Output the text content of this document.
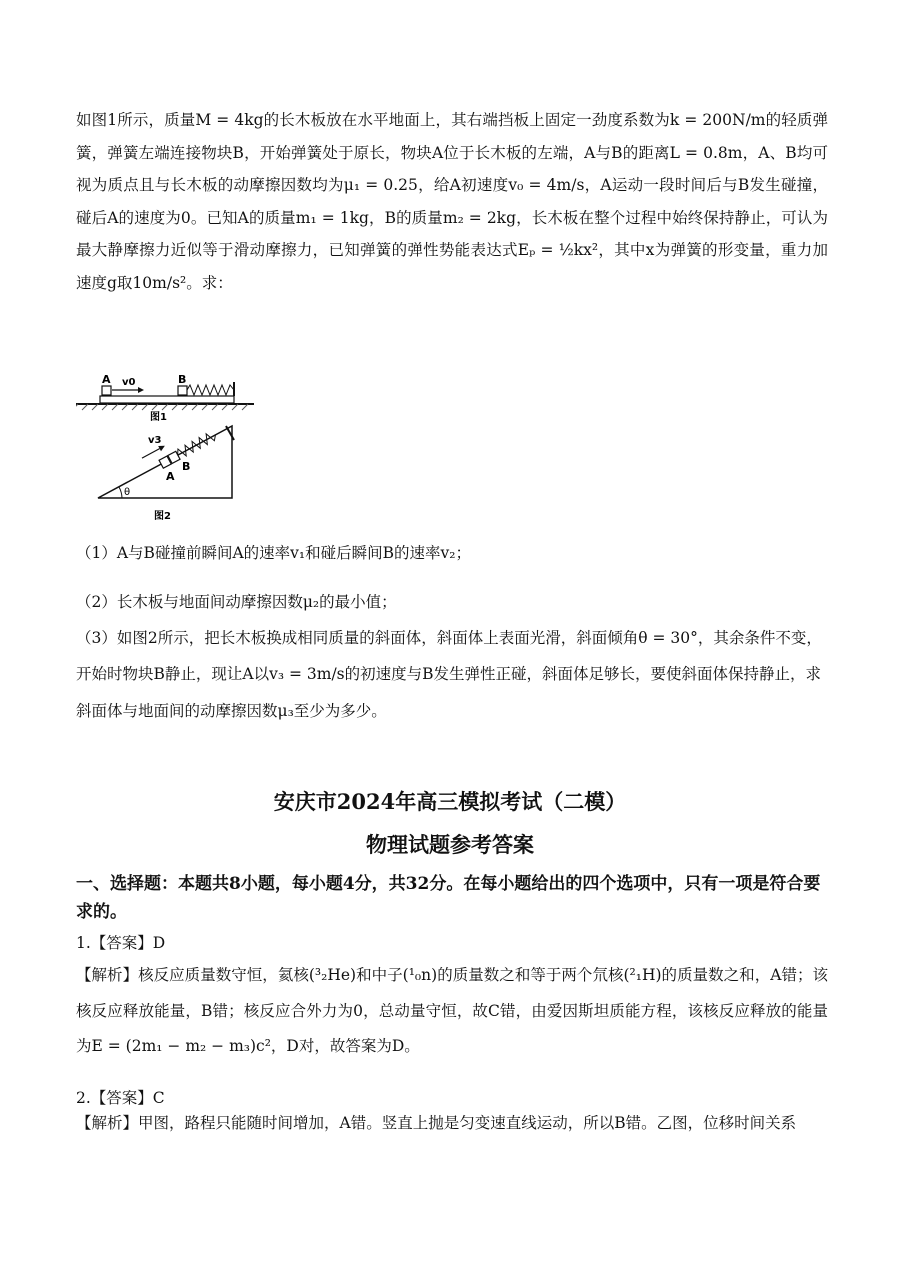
如图1所示，质量M = 4kg的长木板放在水平地面上，其右端挡板上固定一劲度系数为k = 200N/m的轻质弹簧，弹簧左端连接物块B，开始弹簧处于原长，物块A位于长木板的左端，A与B的距离L = 0.8m，A、B均可视为质点且与长木板的动摩擦因数均为μ₁ = 0.25，给A初速度v₀ = 4m/s，A运动一段时间后与B发生碰撞，碰后A的速度为0。已知A的质量m₁ = 1kg，B的质量m₂ = 2kg，长木板在整个过程中始终保持静止，可认为最大静摩擦力近似等于滑动摩擦力，已知弹簧的弹性势能表达式Eₚ = ½kx²，其中x为弹簧的形变量，重力加速度g取10m/s²。求：
A v0	B
图1
θ
v3
A
B
图2
（1）A与B碰撞前瞬间A的速率v₁和碰后瞬间B的速率v₂；
（2）长木板与地面间动摩擦因数μ₂的最小值；
（3）如图2所示，把长木板换成相同质量的斜面体，斜面体上表面光滑，斜面倾角θ = 30°，其余条件不变，开始时物块B静止，现让A以v₃ = 3m/s的初速度与B发生弹性正碰，斜面体足够长，要使斜面体保持静止，求斜面体与地面间的动摩擦因数μ₃至少为多少。
安庆市2024年高三模拟考试（二模）
物理试题参考答案
一、选择题：本题共8小题，每小题4分，共32分。在每小题给出的四个选项中，只有一项是符合要求的。
1.【答案】D
【解析】核反应质量数守恒，氦核(³₂He)和中子(¹₀n)的质量数之和等于两个氘核(²₁H)的质量数之和，A错；该核反应释放能量，B错；核反应合外力为0，总动量守恒，故C错，由爱因斯坦质能方程，该核反应释放的能量为E = (2m₁ − m₂ − m₃)c²，D对，故答案为D。
2.【答案】C
【解析】甲图，路程只能随时间增加，A错。竖直上抛是匀变速直线运动，所以B错。乙图，位移时间关系
